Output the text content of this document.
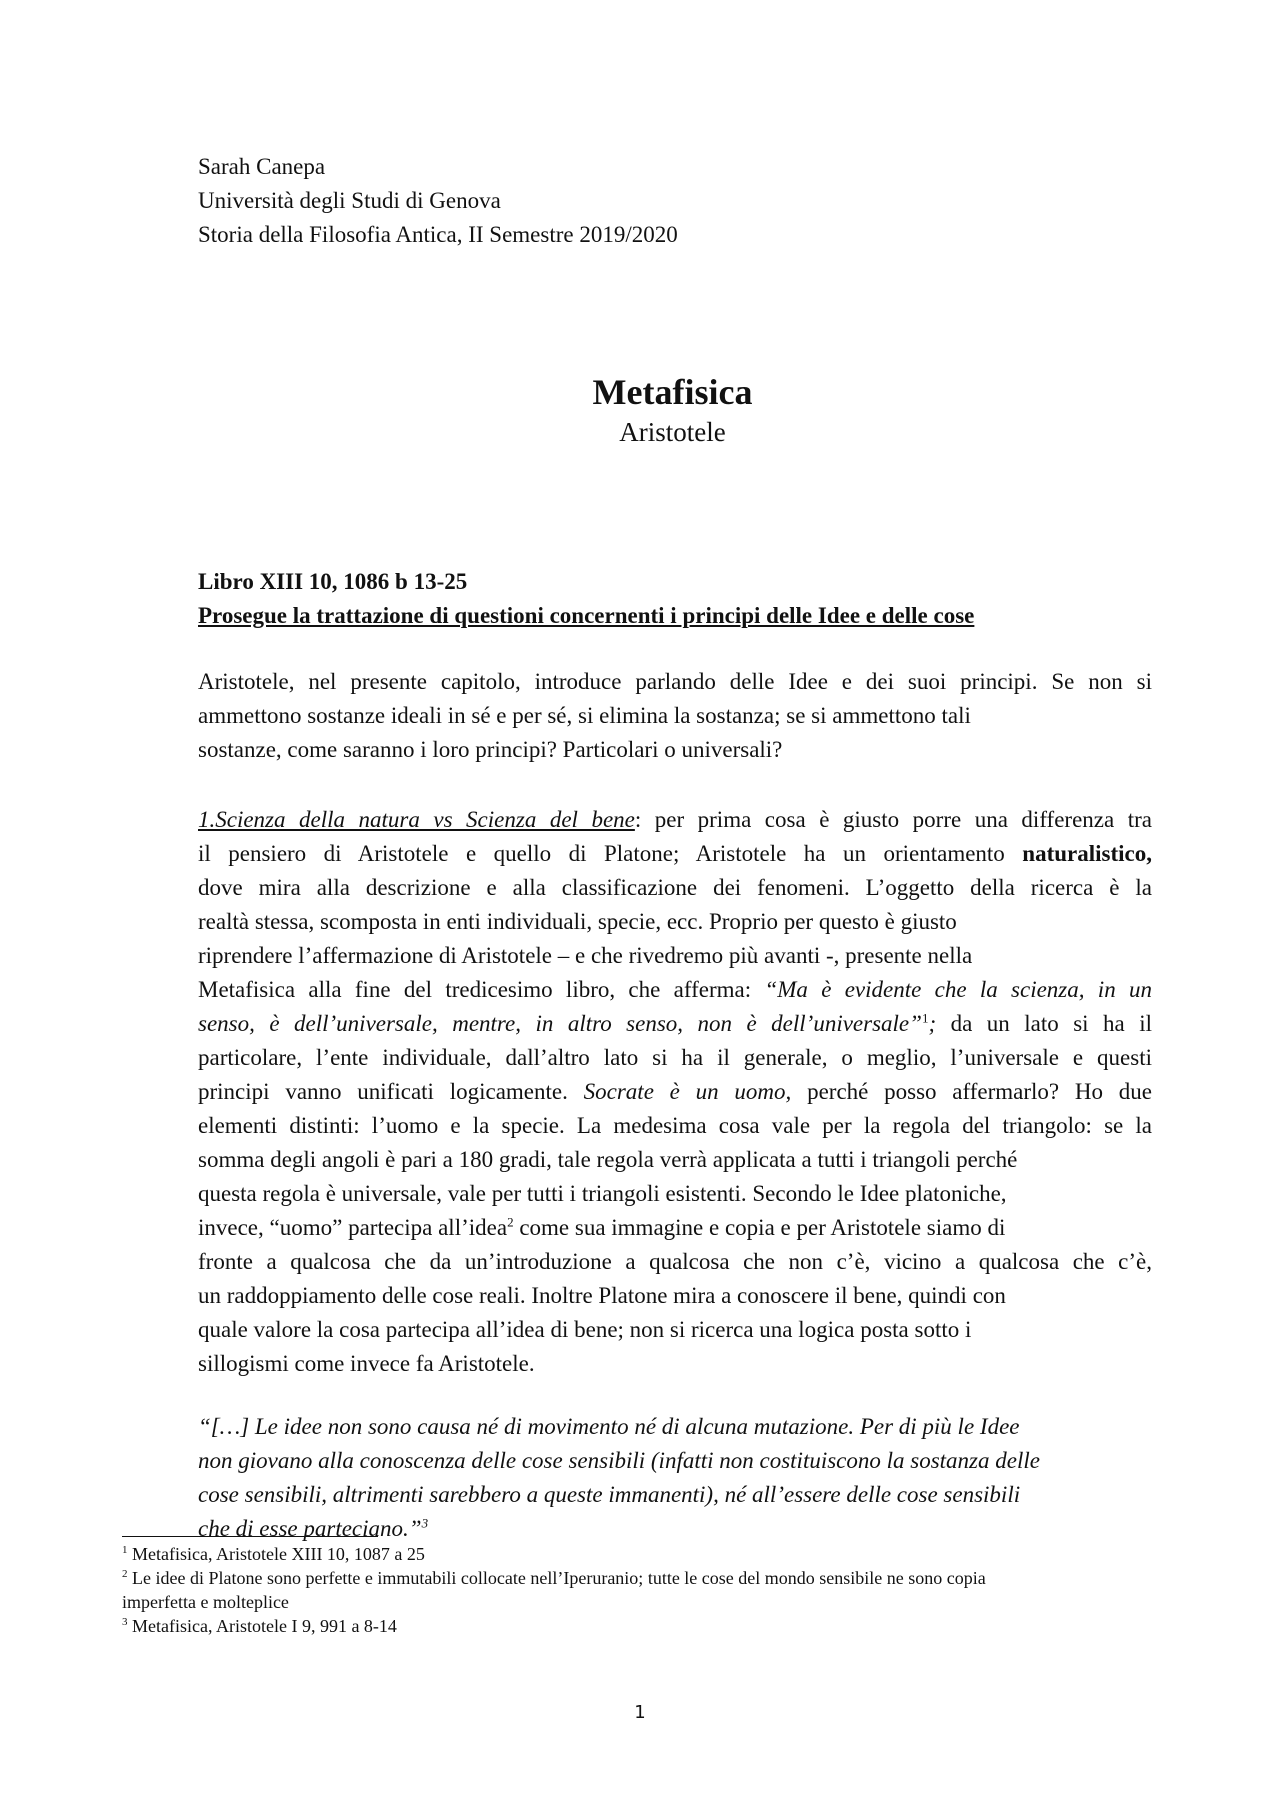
Sarah Canepa
Università degli Studi di Genova
Storia della Filosofia Antica, II Semestre 2019/2020
Metafisica
Aristotele
Libro XIII 10, 1086 b 13-25
Prosegue la trattazione di questioni concernenti i principi delle Idee e delle cose
Aristotele, nel presente capitolo, introduce parlando delle Idee e dei suoi principi. Se non si
ammettono sostanze ideali in sé e per sé, si elimina la sostanza; se si ammettono tali
sostanze, come saranno i loro principi? Particolari o universali?
1.Scienza della natura vs Scienza del bene: per prima cosa è giusto porre una differenza tra
il pensiero di Aristotele e quello di Platone; Aristotele ha un orientamento naturalistico,
dove mira alla descrizione e alla classificazione dei fenomeni. L’oggetto della ricerca è la
realtà stessa, scomposta in enti individuali, specie, ecc. Proprio per questo è giusto
riprendere l’affermazione di Aristotele – e che rivedremo più avanti -, presente nella
Metafisica alla fine del tredicesimo libro, che afferma: “Ma è evidente che la scienza, in un
senso, è dell’universale, mentre, in altro senso, non è dell’universale”$^1$; da un lato si ha il
particolare, l’ente individuale, dall’altro lato si ha il generale, o meglio, l’universale e questi
principi vanno unificati logicamente. Socrate è un uomo, perché posso affermarlo? Ho due
elementi distinti: l’uomo e la specie. La medesima cosa vale per la regola del triangolo: se la
somma degli angoli è pari a 180 gradi, tale regola verrà applicata a tutti i triangoli perché
questa regola è universale, vale per tutti i triangoli esistenti. Secondo le Idee platoniche,
invece, “uomo” partecipa all’idea$^2$ come sua immagine e copia e per Aristotele siamo di
fronte a qualcosa che da un’introduzione a qualcosa che non c’è, vicino a qualcosa che c’è,
un raddoppiamento delle cose reali. Inoltre Platone mira a conoscere il bene, quindi con
quale valore la cosa partecipa all’idea di bene; non si ricerca una logica posta sotto i
sillogismi come invece fa Aristotele.
“[…] Le idee non sono causa né di movimento né di alcuna mutazione. Per di più le Idee
non giovano alla conoscenza delle cose sensibili (infatti non costituiscono la sostanza delle
cose sensibili, altrimenti sarebbero a queste immanenti), né all’essere delle cose sensibili
che di esse parteciano.”$^3$
$^1$ Metafisica, Aristotele XIII 10, 1087 a 25
$^2$ Le idee di Platone sono perfette e immutabili collocate nell’Iperuranio; tutte le cose del mondo sensibile ne sono copia
imperfetta e molteplice
$^3$ Metafisica, Aristotele I 9, 991 a 8-14
1
